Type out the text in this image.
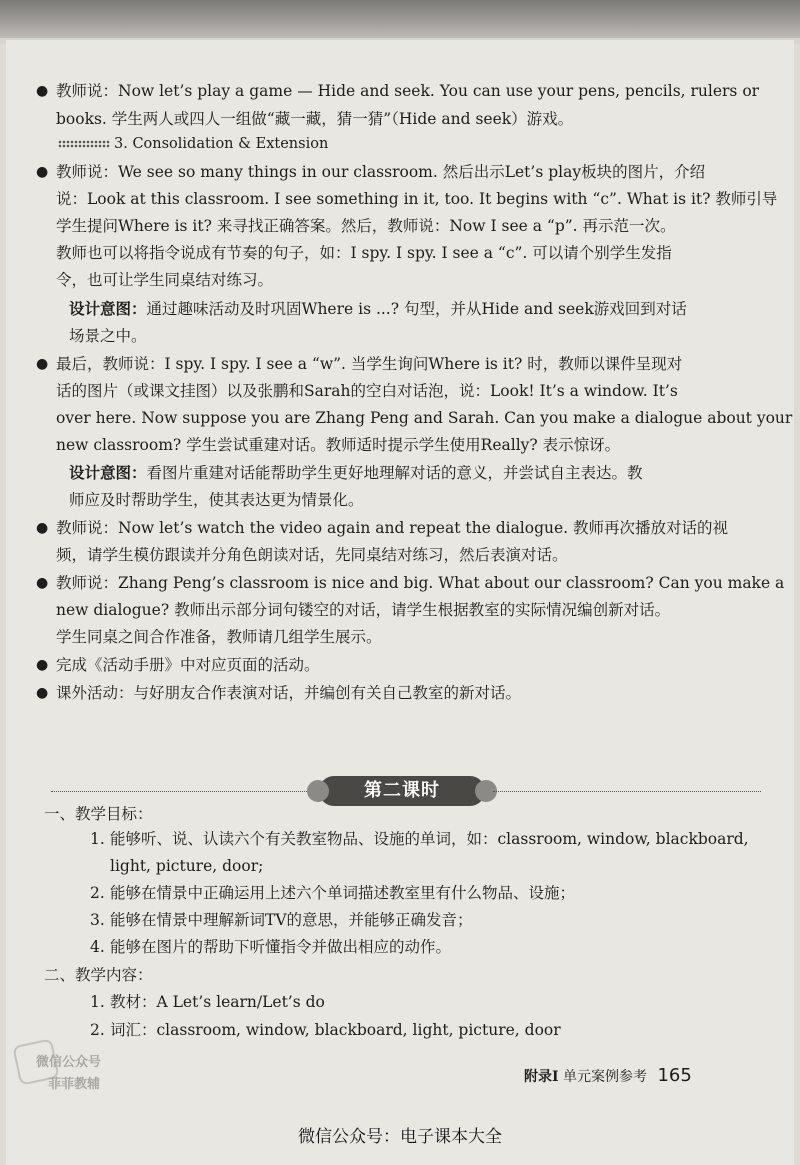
● 教师说：Now let’s play a game — Hide and seek. You can use your pens, pencils, rulers or
books. 学生两人或四人一组做“藏一藏，猜一猜”（Hide and seek）游戏。
3. Consolidation & Extension
● 教师说：We see so many things in our classroom. 然后出示Let’s play板块的图片，介绍
说：Look at this classroom. I see something in it, too. It begins with “c”. What is it? 教师引导
学生提问Where is it? 来寻找正确答案。然后，教师说：Now I see a “p”. 再示范一次。
教师也可以将指令说成有节奏的句子，如：I spy. I spy. I see a “c”. 可以请个别学生发指
令，也可让学生同桌结对练习。
设计意图：通过趣味活动及时巩固Where is ...? 句型，并从Hide and seek游戏回到对话
场景之中。
● 最后，教师说：I spy. I spy. I see a “w”. 当学生询问Where is it? 时，教师以课件呈现对
话的图片（或课文挂图）以及张鹏和Sarah的空白对话泡，说：Look! It’s a window. It’s
over here. Now suppose you are Zhang Peng and Sarah. Can you make a dialogue about your
new classroom? 学生尝试重建对话。教师适时提示学生使用Really? 表示惊讶。
设计意图：看图片重建对话能帮助学生更好地理解对话的意义，并尝试自主表达。教
师应及时帮助学生，使其表达更为情景化。
● 教师说：Now let’s watch the video again and repeat the dialogue. 教师再次播放对话的视
频，请学生模仿跟读并分角色朗读对话，先同桌结对练习，然后表演对话。
● 教师说：Zhang Peng’s classroom is nice and big. What about our classroom? Can you make a
new dialogue? 教师出示部分词句镂空的对话，请学生根据教室的实际情况编创新对话。
学生同桌之间合作准备，教师请几组学生展示。
● 完成《活动手册》中对应页面的活动。
● 课外活动：与好朋友合作表演对话，并编创有关自己教室的新对话。
第二课时
一、教学目标：
1. 能够听、说、认读六个有关教室物品、设施的单词，如：classroom, window, blackboard,
light, picture, door;
2. 能够在情景中正确运用上述六个单词描述教室里有什么物品、设施；
3. 能够在情景中理解新词TV的意思，并能够正确发音；
4. 能够在图片的帮助下听懂指令并做出相应的动作。
二、教学内容：
1. 教材：A Let’s learn/Let’s do
2. 词汇：classroom, window, blackboard, light, picture, door
微信公众号
菲菲教辅	附录I 单元案例参考 165
微信公众号：电子课本大全
